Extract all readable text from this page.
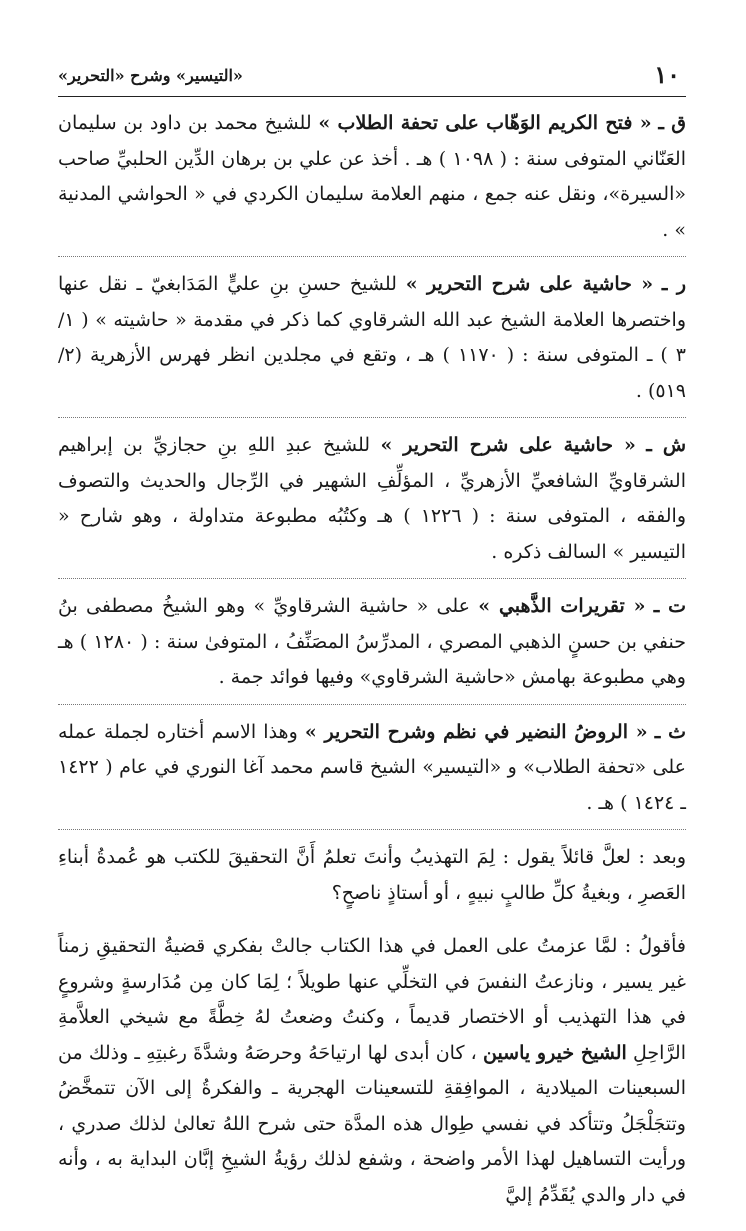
«التيسير» وشرح «التحرير»	١٠

ق ـ « فتح الكريم الوَهّاب على تحفة الطلاب » للشيخ محمد بن داود بن سليمان العَنّاني المتوفى سنة : ( ١٠٩٨ ) هـ . أخذ عن علي بن برهان الدِّين الحلبيِّ صاحب «السيرة»، ونقل عنه جمع ، منهم العلامة سليمان الكردي في « الحواشي المدنية » .

ر ـ « حاشية على شرح التحرير » للشيخ حسنِ بنِ عليٍّ المَدَابغيّ ـ نقل عنها واختصرها العلامة الشيخ عبد الله الشرقاوي كما ذكر في مقدمة « حاشيته » ( ١/ ٣ ) ـ المتوفى سنة : ( ١١٧٠ ) هـ ، وتقع في مجلدين انظر فهرس الأزهرية (٢/ ٥١٩) .

ش ـ « حاشية على شرح التحرير » للشيخ عبدِ اللهِ بنِ حجازيِّ بن إبراهيم الشرقاويِّ الشافعيِّ الأزهريِّ ، المؤلِّفِ الشهير في الرِّجال والحديث والتصوف والفقه ، المتوفى سنة : ( ١٢٢٦ ) هـ وكتُبُه مطبوعة متداولة ، وهو شارح « التيسير » السالف ذكره .

ت ـ « تقريرات الذَّهبي » على « حاشية الشرقاويِّ » وهو الشيخُ مصطفى بنُ حنفي بن حسنٍ الذهبي المصري ، المدرِّسُ المصَنِّفُ ، المتوفىٰ سنة : ( ١٢٨٠ ) هـ وهي مطبوعة بهامش «حاشية الشرقاوي» وفيها فوائد جمة .

ث ـ « الروضُ النضير في نظم وشرح التحرير » وهذا الاسم أختاره لجملة عمله على «تحفة الطلاب» و «التيسير» الشيخ قاسم محمد آغا النوري في عام ( ١٤٢٢ ـ ١٤٢٤ ) هـ .

وبعد : لعلَّ قائلاً يقول : لِمَ التهذيبُ وأنتَ تعلمُ أَنَّ التحقيقَ للكتب هو عُمدةُ أبناءِ العَصرِ ، وبغيةُ كلِّ طالبٍ نبيهٍ ، أو أستاذٍ ناصحٍ؟

فأقولُ : لمَّا عزمتُ على العمل في هذا الكتاب جالتْ بفكري قضيةُ التحقيقِ زمناً غير يسير ، ونازعتُ النفسَ في التخلِّي عنها طويلاً ؛ لِمَا كان مِن مُدَارسةٍ وشروعٍ في هذا التهذيب أو الاختصار قديماً ، وكنتُ وضعتُ لهُ خِطَّةً مع شيخي العلاَّمةِ الرَّاحِلِ الشيخ خيرو ياسين ، كان أبدى لها ارتياحَهُ وحرصَهُ وشدَّةَ رغبتِهِ ـ وذلك من السبعينات الميلادية ، الموافِقةِ للتسعينات الهجرية ـ والفكرةُ إلى الآن تتمخَّضُ وتتجَلْجَلُ وتتأكد في نفسي طِوال هذه المدَّة حتى شرح اللهُ تعالىٰ لذلك صدري ، ورأيت التساهيل لهذا الأمر واضحة ، وشفع لذلك رؤيةُ الشيخِ إبَّان البداية به ، وأنه في دار والدي يُقَدِّمُ إليَّ
